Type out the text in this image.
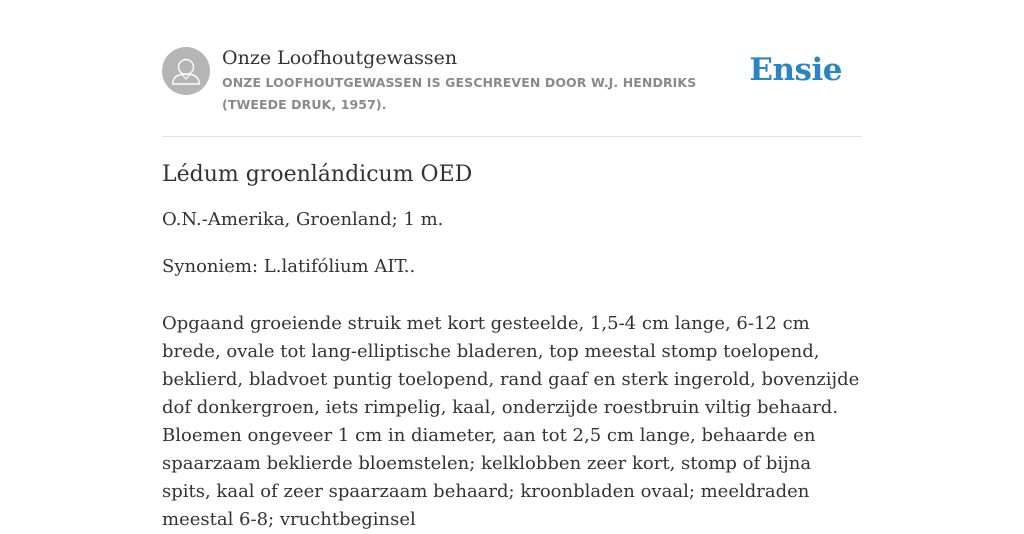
Onze Loofhoutgewassen
ONZE LOOFHOUTGEWASSEN IS GESCHREVEN DOOR W.J. HENDRIKS (TWEEDE DRUK, 1957).
Ensie
Lédum groenlándicum OED

O.N.-Amerika, Groenland; 1 m.

Synoniem: L.latifólium AIT..

Opgaand groeiende struik met kort gesteelde, 1,5-4 cm lange, 6-12 cm brede, ovale tot lang-elliptische bladeren, top meestal stomp toelopend, beklierd, bladvoet puntig toelopend, rand gaaf en sterk ingerold, bovenzijde dof donkergroen, iets rimpelig, kaal, onderzijde roestbruin viltig behaard. Bloemen ongeveer 1 cm in diameter, aan tot 2,5 cm lange, behaarde en spaarzaam beklierde bloemstelen; kelklobben zeer kort, stomp of bijna spits, kaal of zeer spaarzaam behaard; kroonbladen ovaal; meeldraden meestal 6-8; vruchtbeginsel
